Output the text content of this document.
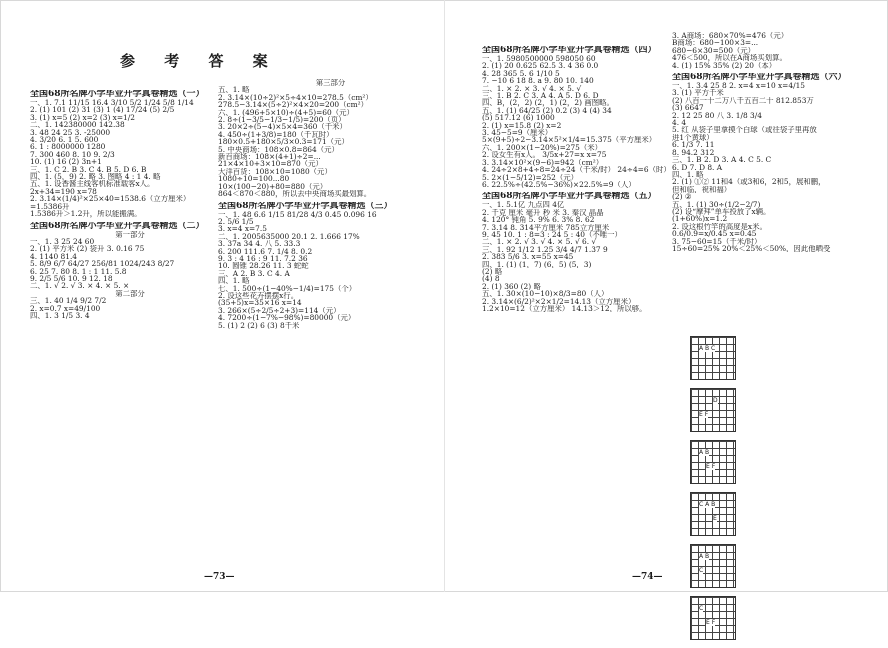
参 考 答 案
全国68所名牌小学毕业升学真卷精选（一）
一、1. 7.1 11/15 16.4 3/10 5/2 1/24 5/8 1/14
2. (1) 101 (2) 31 (3) 1 (4) 17/24 (5) 2/5
3. (1) x=5 (2) x=2 (3) x=1/2
二、1. 142380000 142.38
3. 48 24 25 3. -25000
4. 3/20 6. 1 5. 600
6. 1 : 8000000 1280
7. 300 460 8. 10 9. 2/3
10. (1) 16 (2) 3n+1
三、1. C 2. B 3. C 4. B 5. D 6. B
四、1. (5，9) 2. 略 3. 图略 4 : 1 4. 略
五、1. 设香酱主线客机标准载客x人。
2x+34=190 x=78
2. 3.14×(1/4)²×25×40=1538.6（立方厘米）
=1.5386升
1.5386升＞1.2升，所以能搬满。
全国68所名牌小学毕业升学真卷精选（二）
第一部分
一、1. 3 25 24 60
2. (1) 平方米 (2) 袋升 3. 0.16 75
4. 1140 81.4
5. 8/9 6/7 64/27 256/81 1024/243 8/27
6. 25 7. 80 8. 1 : 1 11. 5.8
9. 2/5 5/6 10. 9 12. 18
二、1. √ 2. √ 3. × 4. × 5. ×
第二部分
三、1. 40 1/4 9/2 7/2
2. x=0.7 x=49/100
四、1. 3 1/5 3. 4
第三部分
五、1. 略
2. 3.14×(10÷2)²×5÷4×10=278.5（cm²）
278.5−3.14×(5÷2)²×4×20=200（cm²）
六、1. (496+5×10)÷(4+5)=60（元）
2. 8÷(1−3/5−1/3−1/5)=200（页）
3. 20×2÷(5−4)×5×4=360（千米）
4. 450÷(1+3/8)=180（千瓦时）
180×0.5+180×5/3×0.3=171（元）
5. 中央商场：108×0.8=864（元）
新百商场：108×(4+1)÷2=...
21×4×10+3×10=870（元）
大洋百货：108×10=1080（元）
1080÷10=100...80
10×(100−20)+80=880（元）
864＜870＜880，所以去中央商场买最划算。
全国68所名牌小学毕业升学真卷精选（三）
一、1. 48 6.6 1/15 81/28 4/3 0.45 0.096 16
2. 5/6 1/5
3. x=4 x=7.5
二、1. 2005635000 20.1 2. 1.666 17%
3. 37a 34 4. 八 5. 33.3
6. 200 111.6 7. 1/4 8. 0.2
9. 3 : 4 16 : 9 11. 7.2 36
10. 圆锥 28.26 11. 3 蛇蛇
三、A 2. B 3. C 4. A
四、1. 略
七、1. 500÷(1−40%−1/4)=175（个）
2. 设这些花卉摆摆x行。
(35+5)x=35×16 x=14
3. 266×(5÷2/5÷2+3)=114（元）
4. 7200÷(1−7%−98%)=80000（元）
5. (1) 2 (2) 6 (3) 8千米
全国68所名牌小学毕业升学真卷精选（四）
一、1. 5980500000 598050 60
2. (1) 20 0.625 62.5 3. 4 36 0.0
4. 28 365 5. 6 1/10 5
7. −10 6 18 8. a 9. 80 10. 140
二、1. × 2. × 3. √ 4. × 5. √
三、1. B 2. C 3. A 4. A 5. D 6. D
四、B，(2，2) (2，1) (2，2) 画图略。
五、1. (1) 64/25 (2) 0.2 (3) 4 (4) 34
(5) 517.12 (6) 1000
2. (1) x=15.8 (2) x=2
3. 45−5=9（厘米）
5×(9+5)÷2−3.14×5²×1/4=15.375（平方厘米）
六、1. 200×(1−20%)=275（米）
2. 设女生有x人。 3/5x+27=x x=75
3. 3.14×10²×(9−6)=942（cm²）
4. 24÷2×8+4÷8=24÷24（千米/时） 24÷4=6（时）
5. 2×(1−5/12)=252（元）
6. 22.5%÷(42.5%−36%)×22.5%=9（人）
全国68所名牌小学毕业升学真卷精选（五）
一、1. 5.1亿 九点四 4亿
2. 千克 厘米 毫升 秒 米 3. 秦汉 晶晶
4. 120° 钝角 5. 9% 6. 3% 8. 62
7. 3.14 8. 314平方厘米 785立方厘米
9. 45 10. 1 : 8=3 : 24 5 : 40（不唯一）
二、1. × 2. √ 3. √ 4. × 5. √ 6. √
三、1. 92 1/12 1.25 3/4 4/7 1.37 9
2. 383 5/6 3. x=55 x=45
四、1. (1) (1，7) (6，5) (5，3)
(2) 略
(4) 8
2. (1) 360 (2) 略
五、1. 30×(10−10)×8/3=80（人）
2. 3.14×(6/2)²×2×1/2=14.13（立方厘米）
1.2×10=12（立方厘米） 14.13＞12，所以够。
3. A商场：680×70%=476（元）
B商场：680−100×3=...
680−6×30=500（元）
476＜500，所以在A商场买划算。
4. (1) 15% 35% (2) 20（本）
全国68所名牌小学毕业升学真卷精选（六）
一、1. 3.4 25 8 2. x=4 x=10 x=4/15
3. (1) 平方千米
(2) 八百一十二万八千五百二十 812.853万
(3) 6647
2. 12 25 80 八 3. 1/8 3/4
4. 4
5. 红 从袋子里拿摸个白球（或往袋子里再放
进1个黄球）
6. 1/3 7. 11
8. 94.2 312
三、1. B 2. D 3. A 4. C 5. C
6. D 7. D 8. A
四、1. 略
2. (1) ①② 11和4（或3和6，2和5，展和鹏，
但和临，祝和福）
(2) ②
五、1. (1) 30÷(1/2−2/7)
(2) 设“摩拜”单车投放了x辆。
(1+60%)x=1.2
2. 设这根竹竿的高度是x米。
0.6/0.9=x/0.45 x=0.45
3. 75−60=15（千米/时）
15÷60=25% 20%＜25%＜50%，因此他晒受
A B C

D
E F

A B
E F

C A B
E

A B
C

C
E F
—73—	—74—
